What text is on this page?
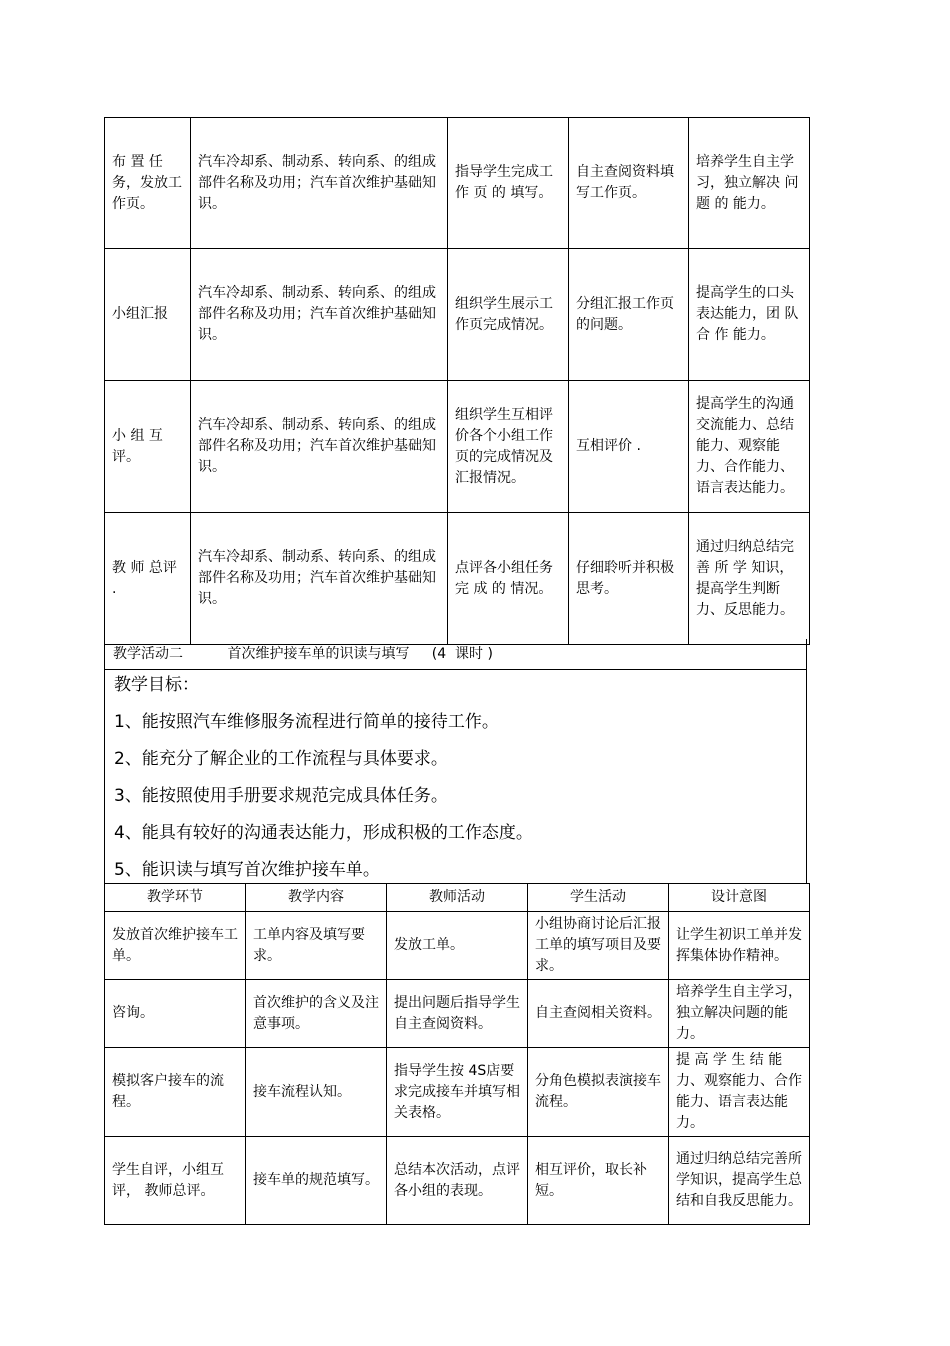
布 置 任务，发放工作页。	汽车冷却系、制动系、转向系、的组成部件名称及功用；汽车首次维护基础知识。	指导学生完成工 作 页 的 填写。	自主查阅资料填写工作页。	培养学生自主学习，独立解决 问 题 的 能力。
小组汇报	汽车冷却系、制动系、转向系、的组成部件名称及功用；汽车首次维护基础知识。	组织学生展示工作页完成情况。	分组汇报工作页的问题。	提高学生的口头表达能力，团 队 合 作 能力。
小 组 互评。	汽车冷却系、制动系、转向系、的组成部件名称及功用；汽车首次维护基础知识。	组织学生互相评价各个小组工作页的完成情况及汇报情况。	互相评价 .	提高学生的沟通交流能力、总结能力、观察能力、合作能力、语言表达能力。
教 师 总评 .	汽车冷却系、制动系、转向系、的组成部件名称及功用；汽车首次维护基础知识。	点评各小组任务 完 成 的 情况。	仔细聆听并积极思考。	通过归纳总结完 善 所 学 知识，提高学生判断力、反思能力。
教学活动二	首次维护接车单的识读与填写 (4  课时 )
教学目标：
1、能按照汽车维修服务流程进行简单的接待工作。
2、能充分了解企业的工作流程与具体要求。
3、能按照使用手册要求规范完成具体任务。
4、能具有较好的沟通表达能力，形成积极的工作态度。
5、能识读与填写首次维护接车单。
教学环节	教学内容	教师活动	学生活动	设计意图
发放首次维护接车工单。	工单内容及填写要求。	发放工单。	小组协商讨论后汇报工单的填写项目及要求。	让学生初识工单并发挥集体协作精神。
咨询。	首次维护的含义及注意事项。	提出问题后指导学生自主查阅资料。	自主查阅相关资料。	培养学生自主学习，独立解决问题的能力。
模拟客户接车的流程。	接车流程认知。	指导学生按 4S店要求完成接车并填写相关表格。	分角色模拟表演接车流程。	提 高 学 生 结 能力、观察能力、合作能力、语言表达能力。
学生自评，小组互评， 教师总评。	接车单的规范填写。	总结本次活动，点评各小组的表现。	相互评价，取长补短。	通过归纳总结完善所学知识，提高学生总结和自我反思能力。
